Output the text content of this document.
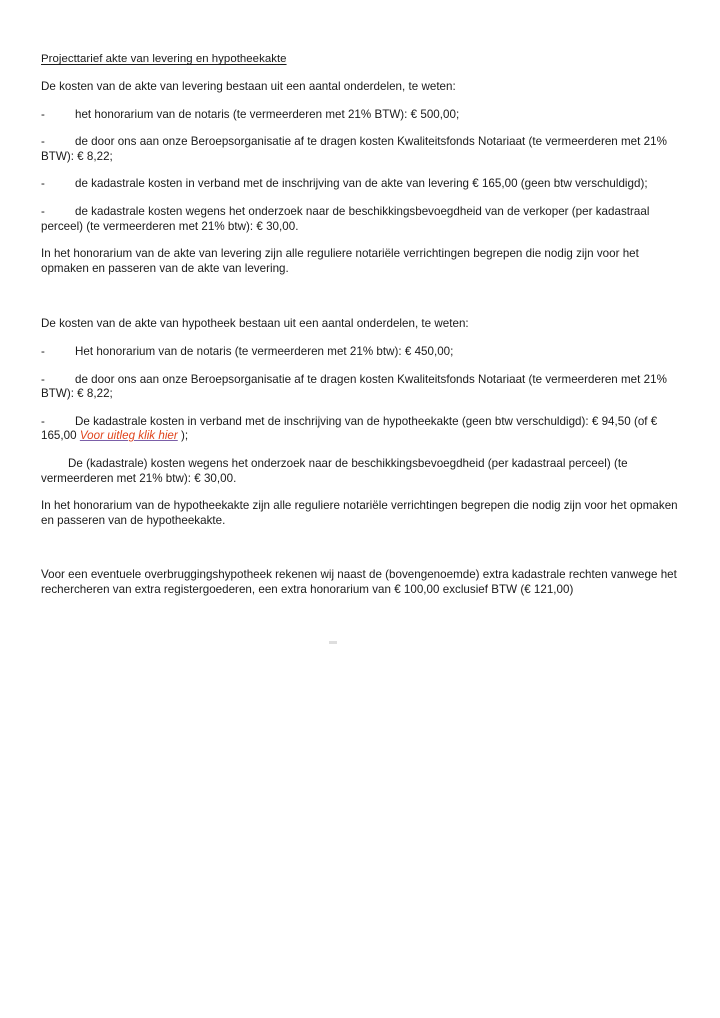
Projecttarief akte van levering en hypotheekakte
De kosten van de akte van levering bestaan uit een aantal onderdelen, te weten:
-	het honorarium van de notaris (te vermeerderen met 21% BTW): € 500,00;
-	de door ons aan onze Beroepsorganisatie af te dragen kosten Kwaliteitsfonds Notariaat (te vermeerderen met 21% BTW): € 8,22;
-	de kadastrale kosten in verband met de inschrijving van de akte van levering € 165,00 (geen btw verschuldigd);
-	de kadastrale kosten wegens het onderzoek naar de beschikkingsbevoegdheid van de verkoper (per kadastraal perceel) (te vermeerderen met 21% btw): € 30,00.
In het honorarium van de akte van levering zijn alle reguliere notariële verrichtingen begrepen die nodig zijn voor het opmaken en passeren van de akte van levering.
De kosten van de akte van hypotheek bestaan uit een aantal onderdelen, te weten:
-	Het honorarium van de notaris (te vermeerderen met 21% btw): € 450,00;
-	de door ons aan onze Beroepsorganisatie af te dragen kosten Kwaliteitsfonds Notariaat (te vermeerderen met 21% BTW): € 8,22;
-	De kadastrale kosten in verband met de inschrijving van de hypotheekakte (geen btw verschuldigd): € 94,50 (of € 165,00 Voor uitleg klik hier );
De (kadastrale) kosten wegens het onderzoek naar de beschikkingsbevoegdheid (per kadastraal perceel) (te vermeerderen met 21% btw): € 30,00.
In het honorarium van de hypotheekakte zijn alle reguliere notariële verrichtingen begrepen die nodig zijn voor het opmaken en passeren van de hypotheekakte.
Voor een eventuele overbruggingshypotheek rekenen wij naast de (bovengenoemde) extra kadastrale rechten vanwege het rechercheren van extra registergoederen, een extra honorarium van € 100,00 exclusief BTW (€ 121,00)
